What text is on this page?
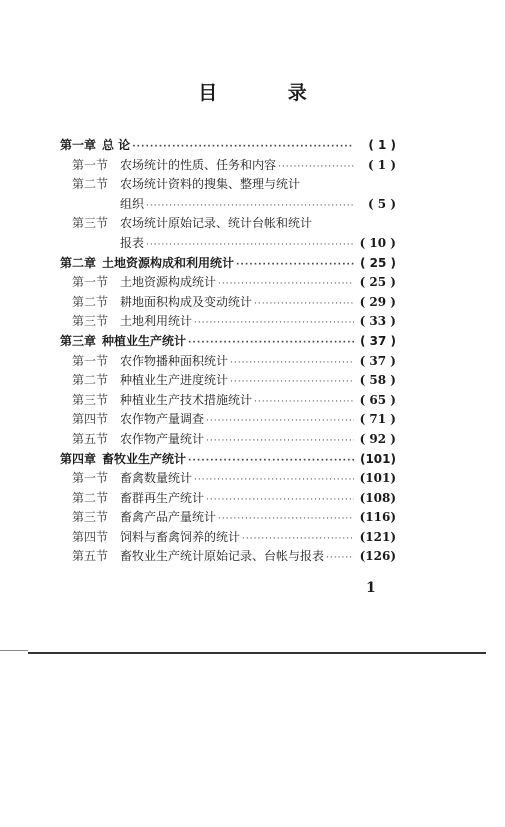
目 录
第一章 总 论 ·····	( 1 )
第一节 农场统计的性质、任务和内容 ·····	( 1 )
第二节 农场统计资料的搜集、整理与统计
组织 ·····	( 5 )
第三节 农场统计原始记录、统计台帐和统计
报表 ·····	( 10 )
第二章 土地资源构成和利用统计 ·····	( 25 )
第一节 土地资源构成统计 ·····	( 25 )
第二节 耕地面积构成及变动统计 ·····	( 29 )
第三节 土地利用统计 ·····	( 33 )
第三章 种植业生产统计 ·····	( 37 )
第一节 农作物播种面积统计 ·····	( 37 )
第二节 种植业生产进度统计 ·····	( 58 )
第三节 种植业生产技术措施统计 ·····	( 65 )
第四节 农作物产量调查 ·····	( 71 )
第五节 农作物产量统计 ·····	( 92 )
第四章 畜牧业生产统计 ·····	(101)
第一节 畜禽数量统计 ·····	(101)
第二节 畜群再生产统计 ·····	(108)
第三节 畜禽产品产量统计 ·····	(116)
第四节 饲料与畜禽饲养的统计 ·····	(121)
第五节 畜牧业生产统计原始记录、台帐与报表 ·····	(126)
1
